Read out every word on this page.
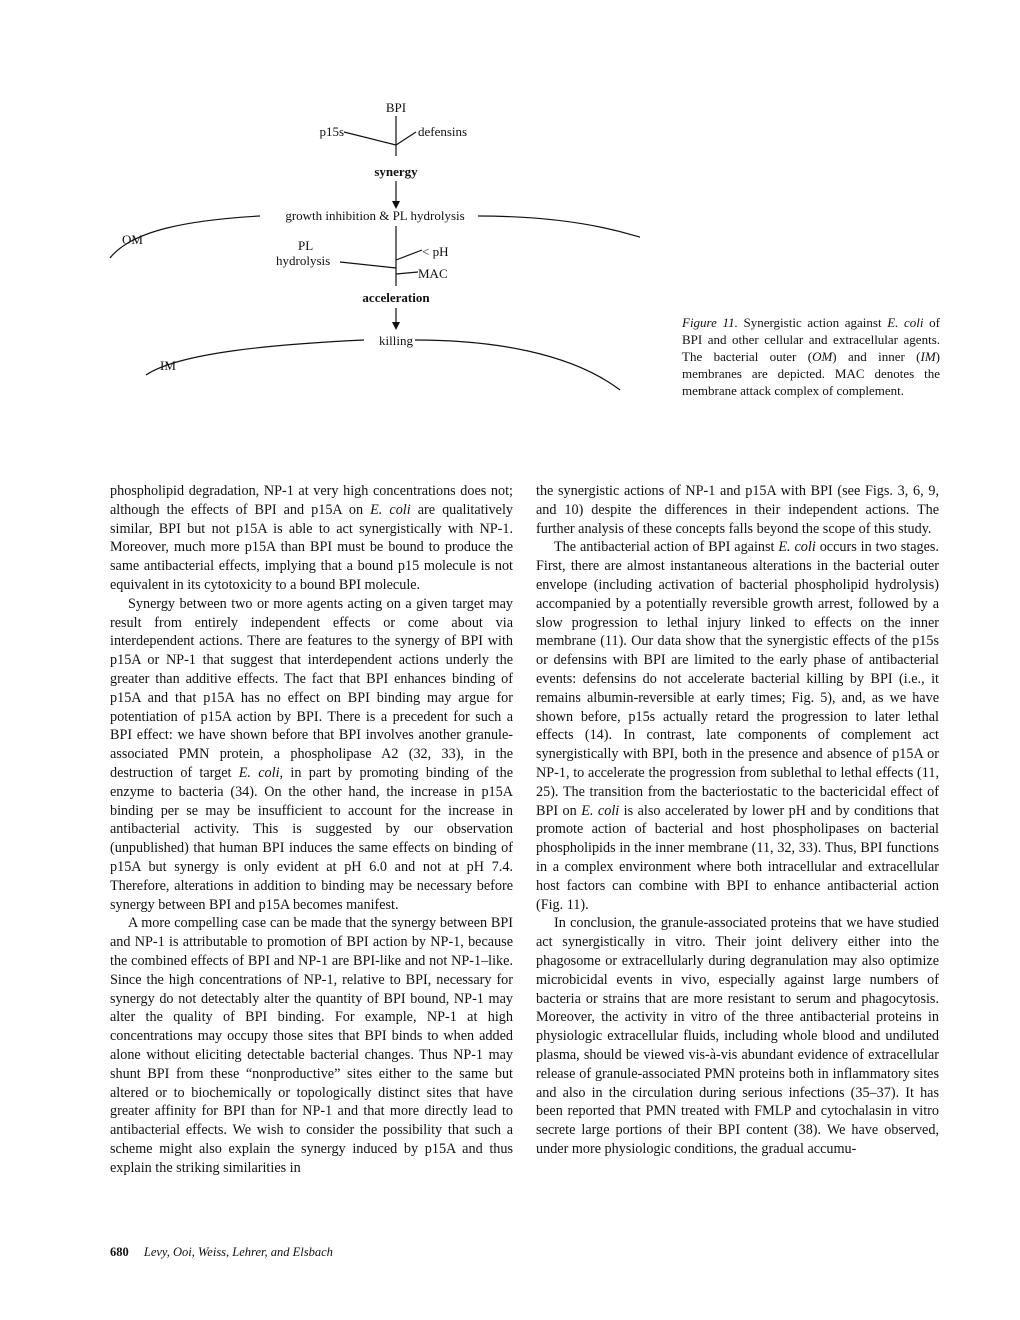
BPI
p15s	defensins
synergy
growth inhibition & PL hydrolysis
OM	PL
hydrolysis
< pH
MAC
acceleration
killing
IM
Figure 11. Synergistic action against E. coli of BPI and other cellular and extracellular agents. The bacterial outer (OM) and inner (IM) membranes are depicted. MAC denotes the membrane attack complex of complement.

phospholipid degradation, NP-1 at very high concentrations does not; although the effects of BPI and p15A on E. coli are qualitatively similar, BPI but not p15A is able to act synergistically with NP-1. Moreover, much more p15A than BPI must be bound to produce the same antibacterial effects, implying that a bound p15 molecule is not equivalent in its cytotoxicity to a bound BPI molecule.

Synergy between two or more agents acting on a given target may result from entirely independent effects or come about via interdependent actions. There are features to the synergy of BPI with p15A or NP-1 that suggest that interdependent actions underly the greater than additive effects. The fact that BPI enhances binding of p15A and that p15A has no effect on BPI binding may argue for potentiation of p15A action by BPI. There is a precedent for such a BPI effect: we have shown before that BPI involves another granule-associated PMN protein, a phospholipase A2 (32, 33), in the destruction of target E. coli, in part by promoting binding of the enzyme to bacteria (34). On the other hand, the increase in p15A binding per se may be insufficient to account for the increase in antibacterial activity. This is suggested by our observation (unpublished) that human BPI induces the same effects on binding of p15A but synergy is only evident at pH 6.0 and not at pH 7.4. Therefore, alterations in addition to binding may be necessary before synergy between BPI and p15A becomes manifest.

A more compelling case can be made that the synergy between BPI and NP-1 is attributable to promotion of BPI action by NP-1, because the combined effects of BPI and NP-1 are BPI-like and not NP-1–like. Since the high concentrations of NP-1, relative to BPI, necessary for synergy do not detectably alter the quantity of BPI bound, NP-1 may alter the quality of BPI binding. For example, NP-1 at high concentrations may occupy those sites that BPI binds to when added alone without eliciting detectable bacterial changes. Thus NP-1 may shunt BPI from these “nonproductive” sites either to the same but altered or to biochemically or topologically distinct sites that have greater affinity for BPI than for NP-1 and that more directly lead to antibacterial effects. We wish to consider the possibility that such a scheme might also explain the synergy induced by p15A and thus explain the striking similarities in

the synergistic actions of NP-1 and p15A with BPI (see Figs. 3, 6, 9, and 10) despite the differences in their independent actions. The further analysis of these concepts falls beyond the scope of this study.

The antibacterial action of BPI against E. coli occurs in two stages. First, there are almost instantaneous alterations in the bacterial outer envelope (including activation of bacterial phospholipid hydrolysis) accompanied by a potentially reversible growth arrest, followed by a slow progression to lethal injury linked to effects on the inner membrane (11). Our data show that the synergistic effects of the p15s or defensins with BPI are limited to the early phase of antibacterial events: defensins do not accelerate bacterial killing by BPI (i.e., it remains albumin-reversible at early times; Fig. 5), and, as we have shown before, p15s actually retard the progression to later lethal effects (14). In contrast, late components of complement act synergistically with BPI, both in the presence and absence of p15A or NP-1, to accelerate the progression from sublethal to lethal effects (11, 25). The transition from the bacteriostatic to the bactericidal effect of BPI on E. coli is also accelerated by lower pH and by conditions that promote action of bacterial and host phospholipases on bacterial phospholipids in the inner membrane (11, 32, 33). Thus, BPI functions in a complex environment where both intracellular and extracellular host factors can combine with BPI to enhance antibacterial action (Fig. 11).

In conclusion, the granule-associated proteins that we have studied act synergistically in vitro. Their joint delivery either into the phagosome or extracellularly during degranulation may also optimize microbicidal events in vivo, especially against large numbers of bacteria or strains that are more resistant to serum and phagocytosis. Moreover, the activity in vitro of the three antibacterial proteins in physiologic extracellular fluids, including whole blood and undiluted plasma, should be viewed vis-à-vis abundant evidence of extracellular release of granule-associated PMN proteins both in inflammatory sites and also in the circulation during serious infections (35–37). It has been reported that PMN treated with FMLP and cytochalasin in vitro secrete large portions of their BPI content (38). We have observed, under more physiologic conditions, the gradual accumu-

680 Levy, Ooi, Weiss, Lehrer, and Elsbach
